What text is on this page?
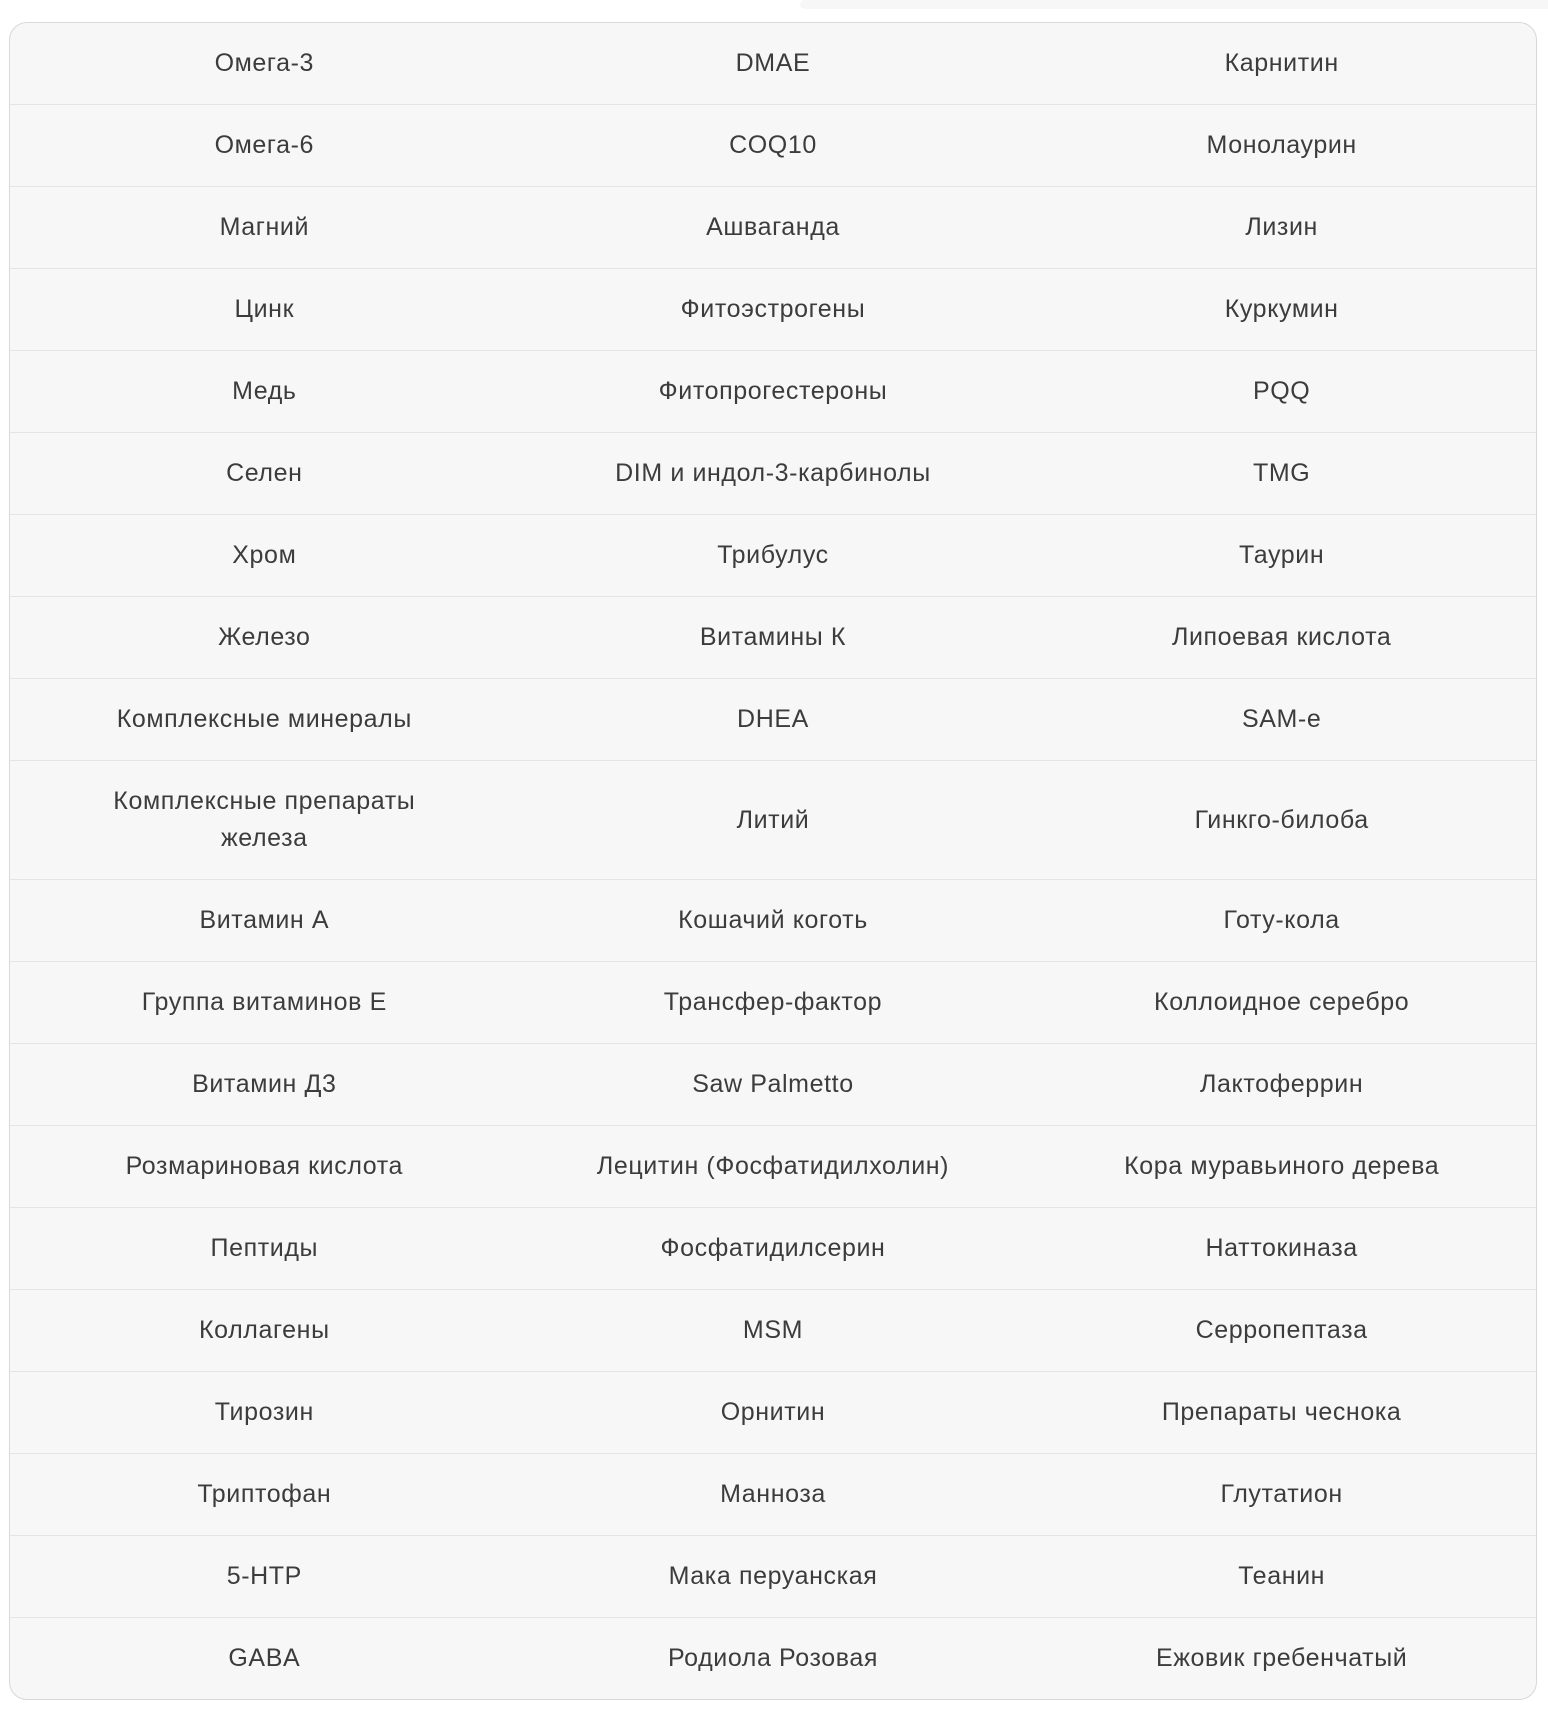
Омега-3	DMAE	Карнитин
Омега-6	COQ10	Монолаурин
Магний	Ашваганда	Лизин
Цинк	Фитоэстрогены	Куркумин
Медь	Фитопрогестероны	PQQ
Селен	DIM и индол-3-карбинолы	TMG
Хром	Трибулус	Таурин
Железо	Витамины К	Липоевая кислота
Комплексные минералы	DHEA	SAM-e
Комплексные препараты железа	Литий	Гинкго-билоба
Витамин А	Кошачий коготь	Готу-кола
Группа витаминов Е	Трансфер-фактор	Коллоидное серебро
Витамин Д3	Saw Palmetto	Лактоферрин
Розмариновая кислота	Лецитин (Фосфатидилхолин)	Кора муравьиного дерева
Пептиды	Фосфатидилсерин	Наттокиназа
Коллагены	MSM	Серропептаза
Тирозин	Орнитин	Препараты чеснока
Триптофан	Манноза	Глутатион
5-HTP	Мака перуанская	Теанин
GABA	Родиола Розовая	Ежовик гребенчатый
